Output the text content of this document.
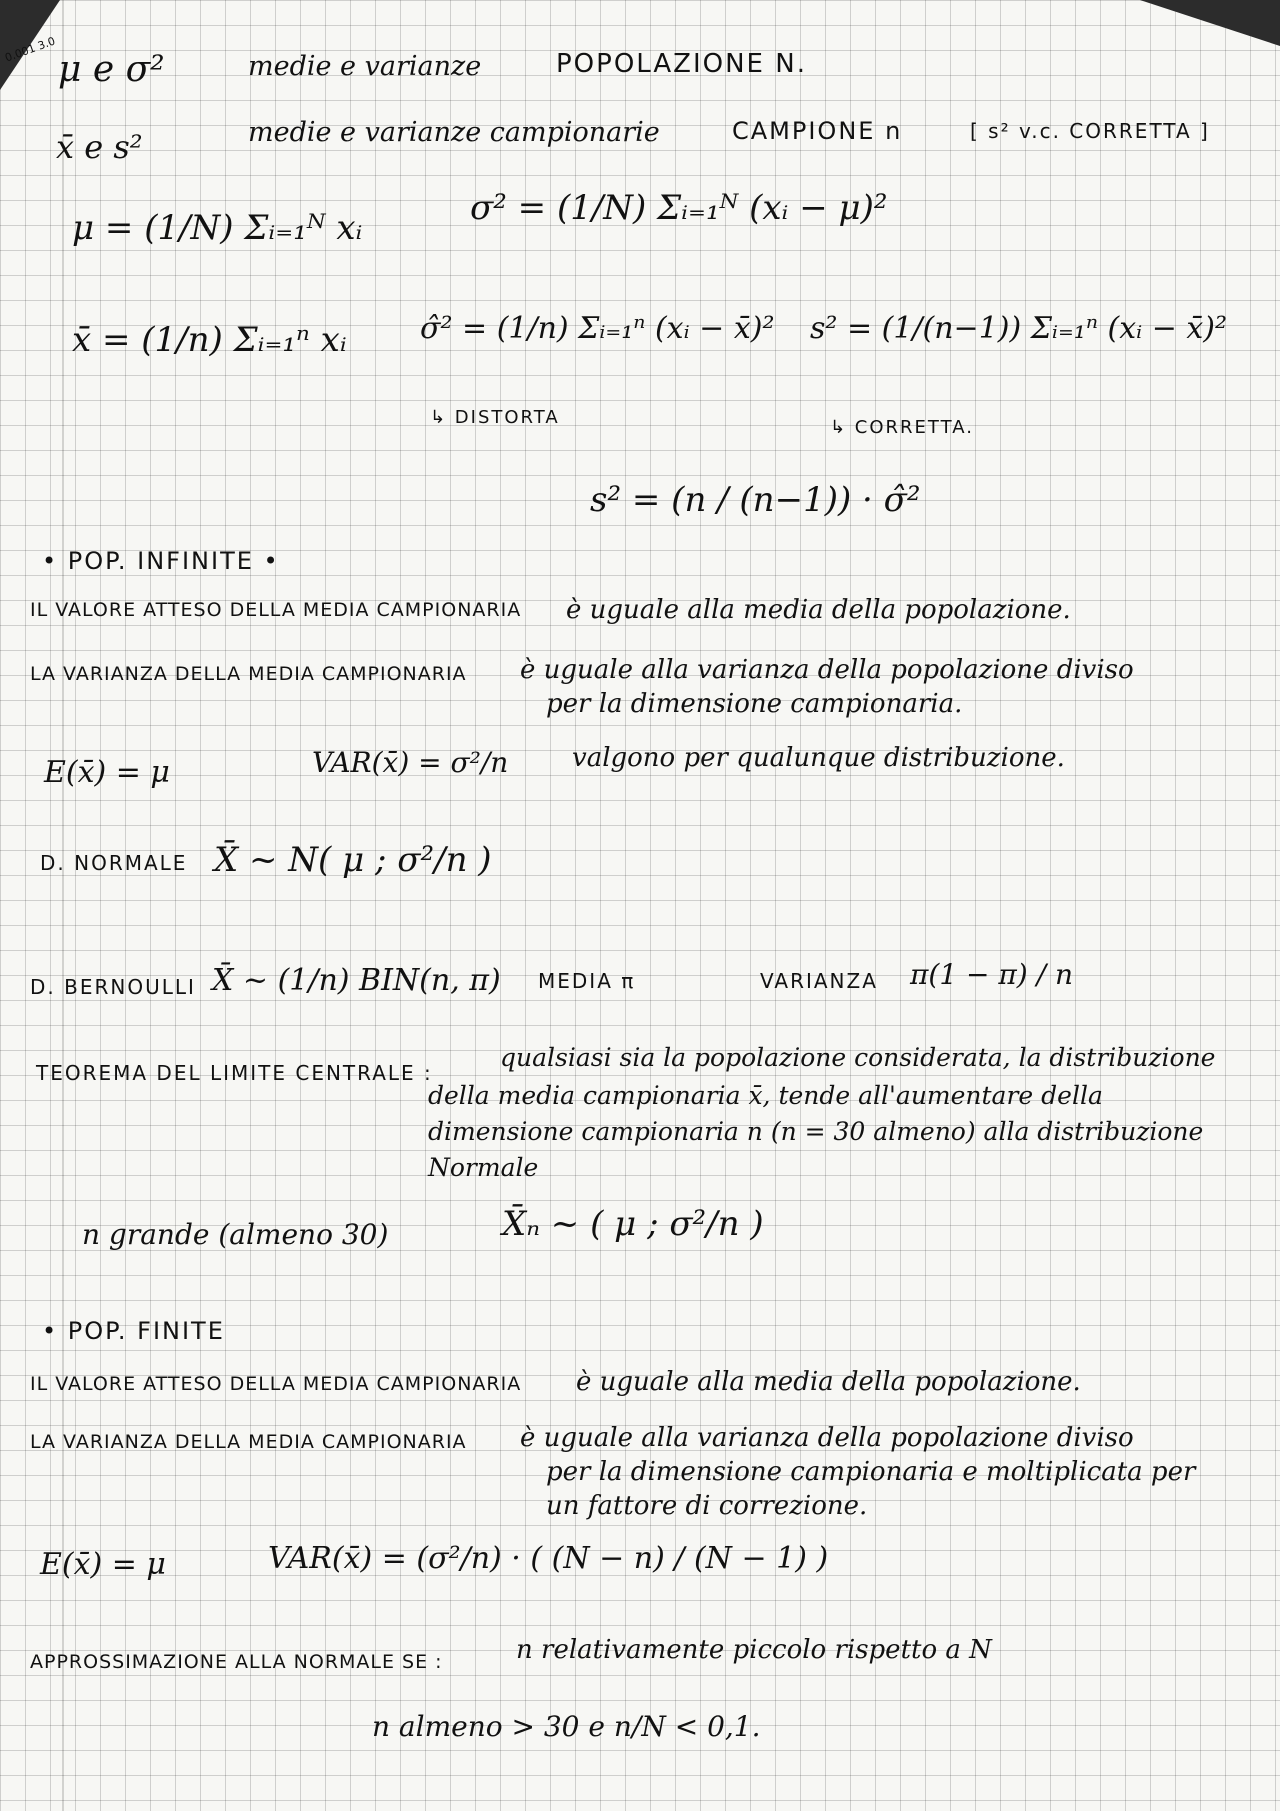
0.001 3.0 μ e σ²	medie e varianze	POPOLAZIONE N.
x̄ e s²	medie e varianze campionarie	CAMPIONE n	[ s² v.c. CORRETTA ]
μ = (1/N) Σᵢ₌₁ᴺ xᵢ	σ² = (1/N) Σᵢ₌₁ᴺ (xᵢ − μ)²
x̄ = (1/n) Σᵢ₌₁ⁿ xᵢ σ̂² = (1/n) Σᵢ₌₁ⁿ (xᵢ − x̄)² s² = (1/(n−1)) Σᵢ₌₁ⁿ (xᵢ − x̄)²
↳ DISTORTA	↳ CORRETTA.
s² = (n / (n−1)) · σ̂²
• POP. INFINITE •
IL VALORE ATTESO DELLA MEDIA CAMPIONARIA è uguale alla media della popolazione.
LA VARIANZA DELLA MEDIA CAMPIONARIA è uguale alla varianza della popolazione diviso
per la dimensione campionaria.
E(x̄) = μ	VAR(x̄) = σ²/n valgono per qualunque distribuzione.
D. NORMALE X̄ ~ N( μ ; σ²/n )
D. BERNOULLI X̄ ~ (1/n) BIN(n, π) MEDIA π	VARIANZA π(1 − π) / n
TEOREMA DEL LIMITE CENTRALE :
qualsiasi sia la popolazione considerata, la distribuzione
della media campionaria x̄, tende all'aumentare della
dimensione campionaria n (n = 30 almeno) alla distribuzione
Normale
n grande (almeno 30)	X̄ₙ ~ ( μ ; σ²/n )
• POP. FINITE
IL VALORE ATTESO DELLA MEDIA CAMPIONARIA è uguale alla media della popolazione.
LA VARIANZA DELLA MEDIA CAMPIONARIA è uguale alla varianza della popolazione diviso
per la dimensione campionaria e moltiplicata per
un fattore di correzione.
E(x̄) = μ	VAR(x̄) = (σ²/n) · ( (N − n) / (N − 1) )
APPROSSIMAZIONE ALLA NORMALE SE :	n relativamente piccolo rispetto a N
n almeno > 30 e n/N < 0,1.
